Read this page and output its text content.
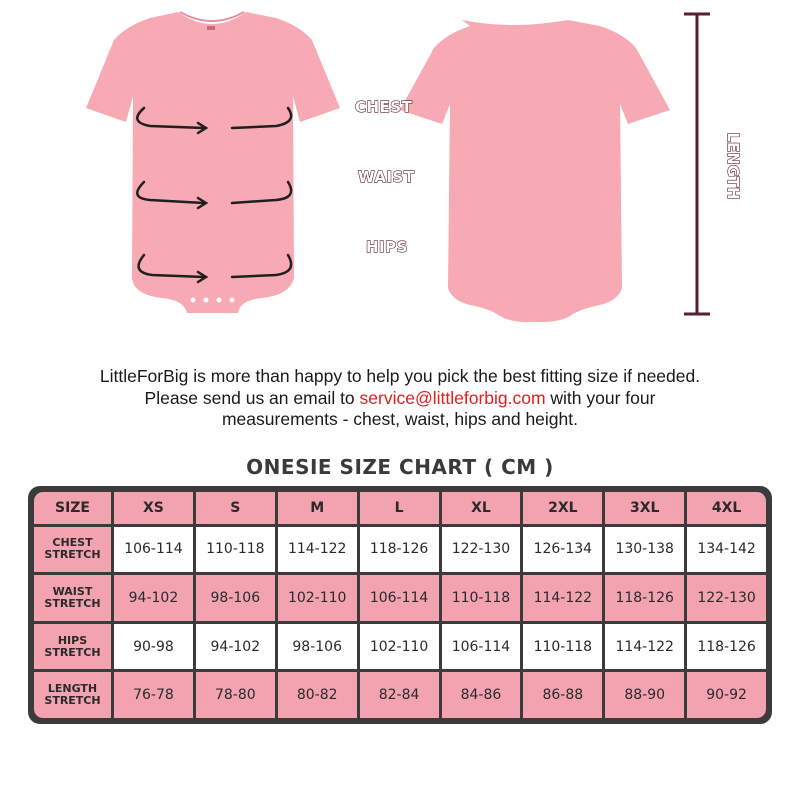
CHEST
WAIST
HIPS
LENGTH
LittleForBig is more than happy to help you pick the best fitting size if needed.
Please send us an email to service@littleforbig.com with your four
measurements - chest, waist, hips and height.
ONESIE SIZE CHART ( CM )
SIZE	XS	S	M	L	XL	2XL	3XL	4XL
CHEST
STRETCH	106-114	110-118	114-122	118-126	122-130	126-134	130-138	134-142
WAIST
STRETCH	94-102	98-106	102-110	106-114	110-118	114-122	118-126	122-130
HIPS
STRETCH	90-98	94-102	98-106	102-110	106-114	110-118	114-122	118-126
LENGTH
STRETCH	76-78	78-80	80-82	82-84	84-86	86-88	88-90	90-92
